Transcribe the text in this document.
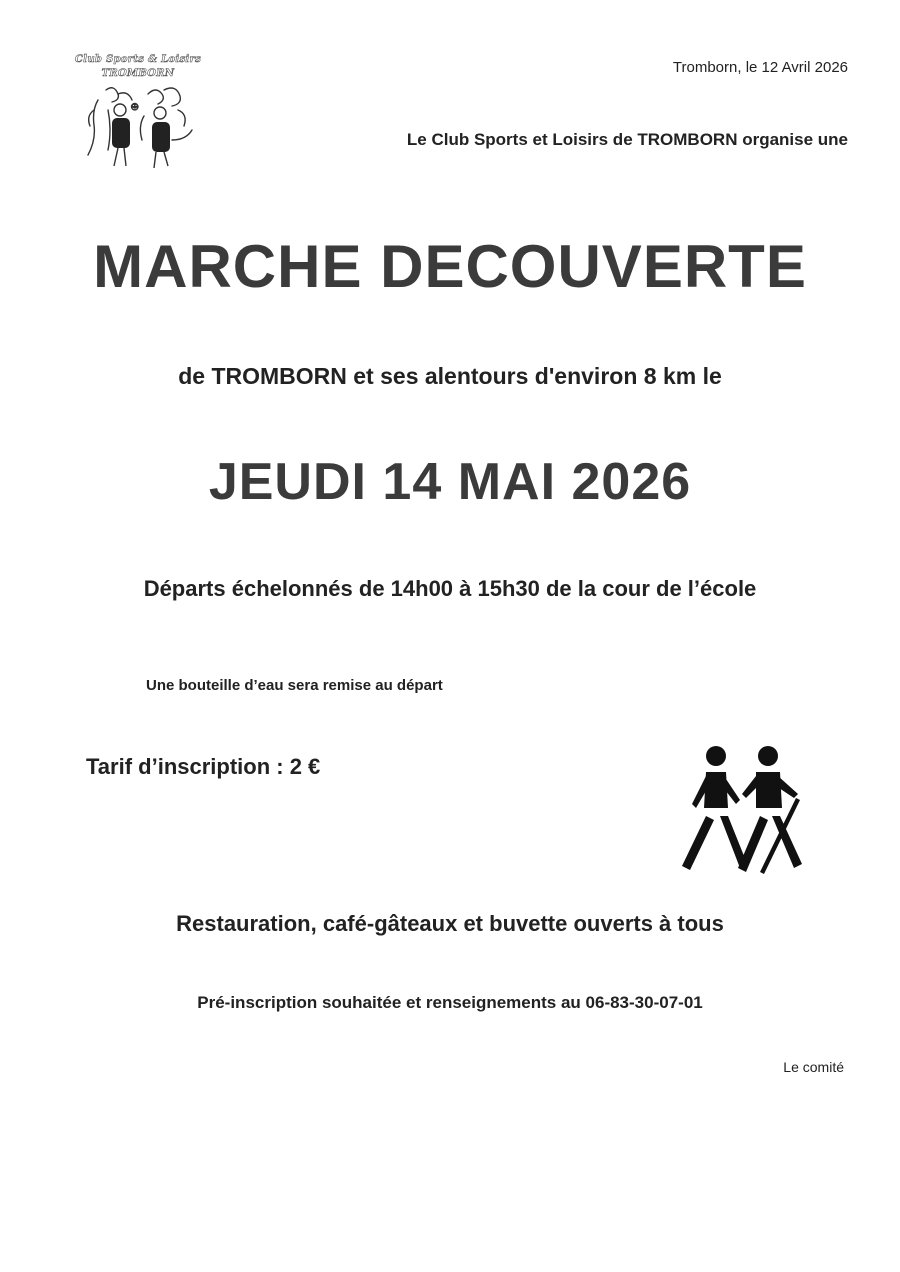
Club Sports & Loisirs
TROMBORN
☻
Tromborn, le 12 Avril 2026
Le Club Sports et Loisirs de TROMBORN organise une
MARCHE DECOUVERTE
de TROMBORN et ses alentours d'environ 8 km le
JEUDI 14 MAI 2026
Départs échelonnés de 14h00 à 15h30 de la cour de l’école
Une bouteille d’eau sera remise au départ
Tarif d’inscription : 2 €
Restauration, café-gâteaux et buvette ouverts à tous
Pré-inscription souhaitée et renseignements au 06-83-30-07-01
Le comité
